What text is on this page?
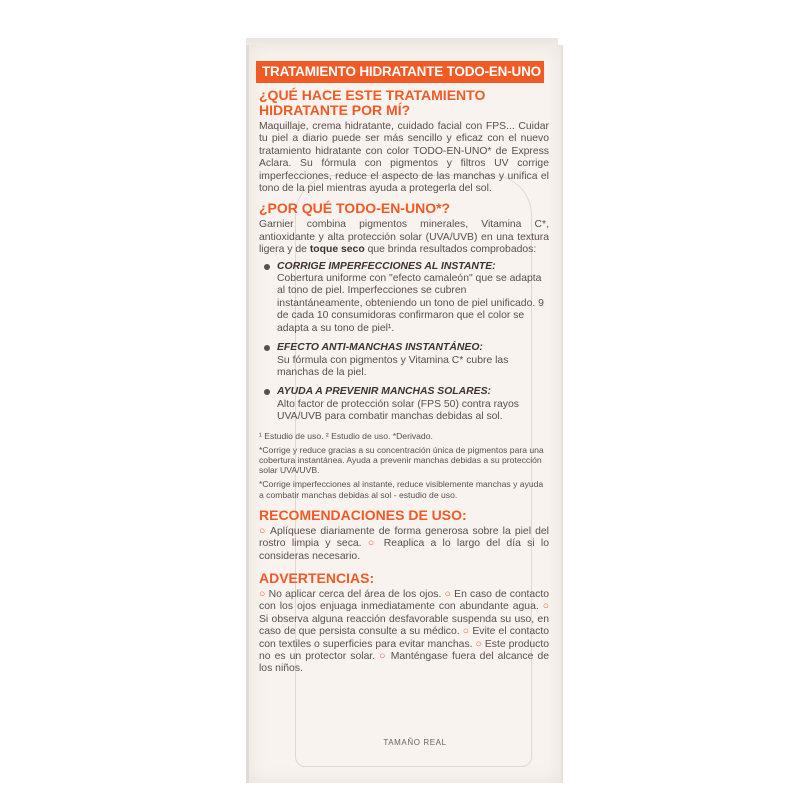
TRATAMIENTO HIDRATANTE TODO-EN-UNO
¿QUÉ HACE ESTE TRATAMIENTO HIDRATANTE POR MÍ?

Maquillaje, crema hidratante, cuidado facial con FPS... Cuidar tu piel a diario puede ser más sencillo y eficaz con el nuevo tratamiento hidratante con color TODO-EN-UNO* de Express Aclara. Su fórmula con pigmentos y filtros UV corrige imperfecciones, reduce el aspecto de las manchas y unifica el tono de la piel mientras ayuda a protegerla del sol.

¿POR QUÉ TODO-EN-UNO*?

Garnier combina pigmentos minerales, Vitamina C*, antioxidante y alta protección solar (UVA/UVB) en una textura ligera y de toque seco que brinda resultados comprobados:

CORRIGE IMPERFECCIONES AL INSTANTE:
Cobertura uniforme con "efecto camaleón" que se adapta al tono de piel. Imperfecciones se cubren instantáneamente, obteniendo un tono de piel unificado. 9 de cada 10 consumidoras confirmaron que el color se adapta a su tono de piel¹.
EFECTO ANTI-MANCHAS INSTANTÁNEO:
Su fórmula con pigmentos y Vitamina C* cubre las manchas de la piel.
AYUDA A PREVENIR MANCHAS SOLARES:
Alto factor de protección solar (FPS 50) contra rayos UVA/UVB para combatir manchas debidas al sol.

¹ Estudio de uso. ² Estudio de uso. *Derivado.

*Corrige y reduce gracias a su concentración única de pigmentos para una cobertura instantánea. Ayuda a prevenir manchas debidas a su protección solar UVA/UVB.

*Corrige imperfecciones al instante, reduce visiblemente manchas y ayuda a combatir manchas debidas al sol - estudio de uso.

RECOMENDACIONES DE USO:

○ Aplíquese diariamente de forma generosa sobre la piel del rostro limpia y seca. ○ Reaplica a lo largo del día si lo consideras necesario.

ADVERTENCIAS:

○ No aplicar cerca del área de los ojos. ○ En caso de contacto con los ojos enjuaga inmediatamente con abundante agua. ○ Si observa alguna reacción desfavorable suspenda su uso, en caso de que persista consulte a su médico. ○ Evite el contacto con textiles o superficies para evitar manchas. ○ Este producto no es un protector solar. ○ Manténgase fuera del alcance de los niños.

TAMAÑO REAL
